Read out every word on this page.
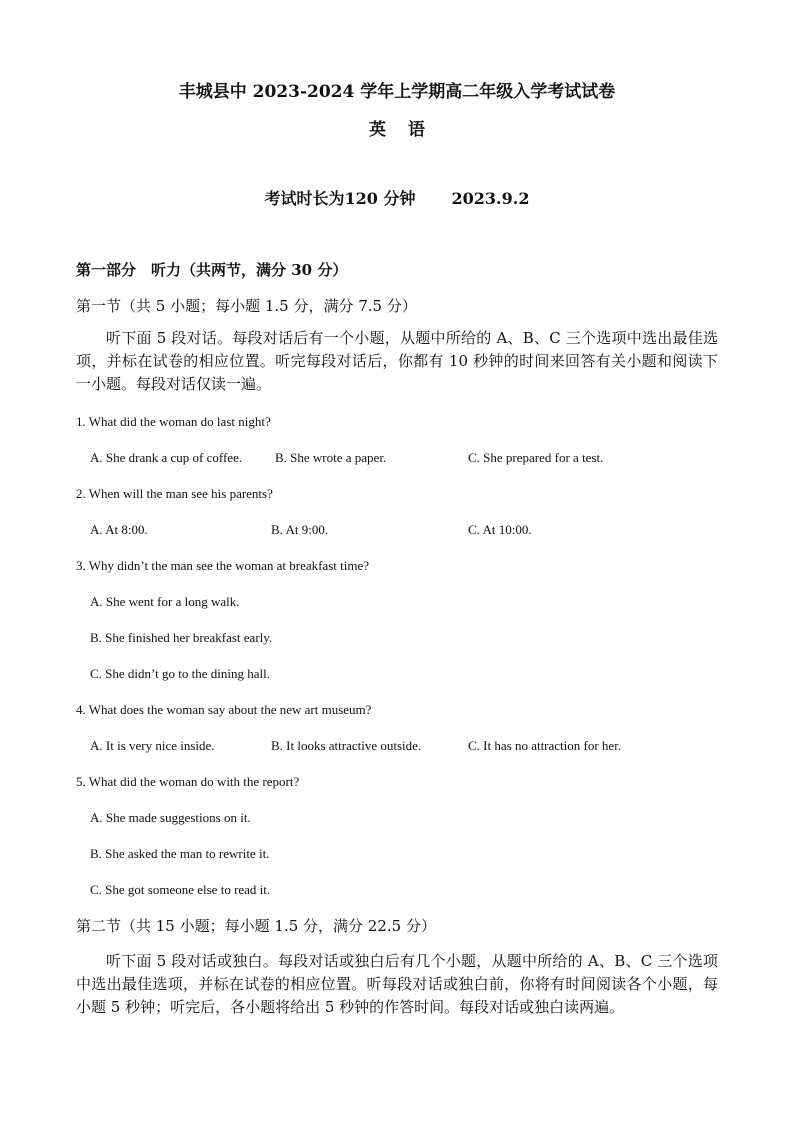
丰城县中 2023-2024 学年上学期高二年级入学考试试卷
英语
考试时长为120 分钟 2023.9.2
第一部分　听力（共两节，满分 30 分）
第一节（共 5 小题；每小题 1.5 分，满分 7.5 分）
听下面 5 段对话。每段对话后有一个小题，从题中所给的 A、B、C 三个选项中选出最佳选项，并标在试卷的相应位置。听完每段对话后，你都有 10 秒钟的时间来回答有关小题和阅读下一小题。每段对话仅读一遍。
1. What did the woman do last night?
A. She drank a cup of coffee.	B. She wrote a paper.	C. She prepared for a test.
2. When will the man see his parents?
A. At 8:00.	B. At 9:00.	C. At 10:00.
3. Why didn’t the man see the woman at breakfast time?
A. She went for a long walk.
B. She finished her breakfast early.
C. She didn’t go to the dining hall.
4. What does the woman say about the new art museum?
A. It is very nice inside.	B. It looks attractive outside.	C. It has no attraction for her.
5. What did the woman do with the report?
A. She made suggestions on it.
B. She asked the man to rewrite it.
C. She got someone else to read it.
第二节（共 15 小题；每小题 1.5 分，满分 22.5 分）
听下面 5 段对话或独白。每段对话或独白后有几个小题，从题中所给的 A、B、C 三个选项中选出最佳选项，并标在试卷的相应位置。听每段对话或独白前，你将有时间阅读各个小题，每小题 5 秒钟；听完后，各小题将给出 5 秒钟的作答时间。每段对话或独白读两遍。
